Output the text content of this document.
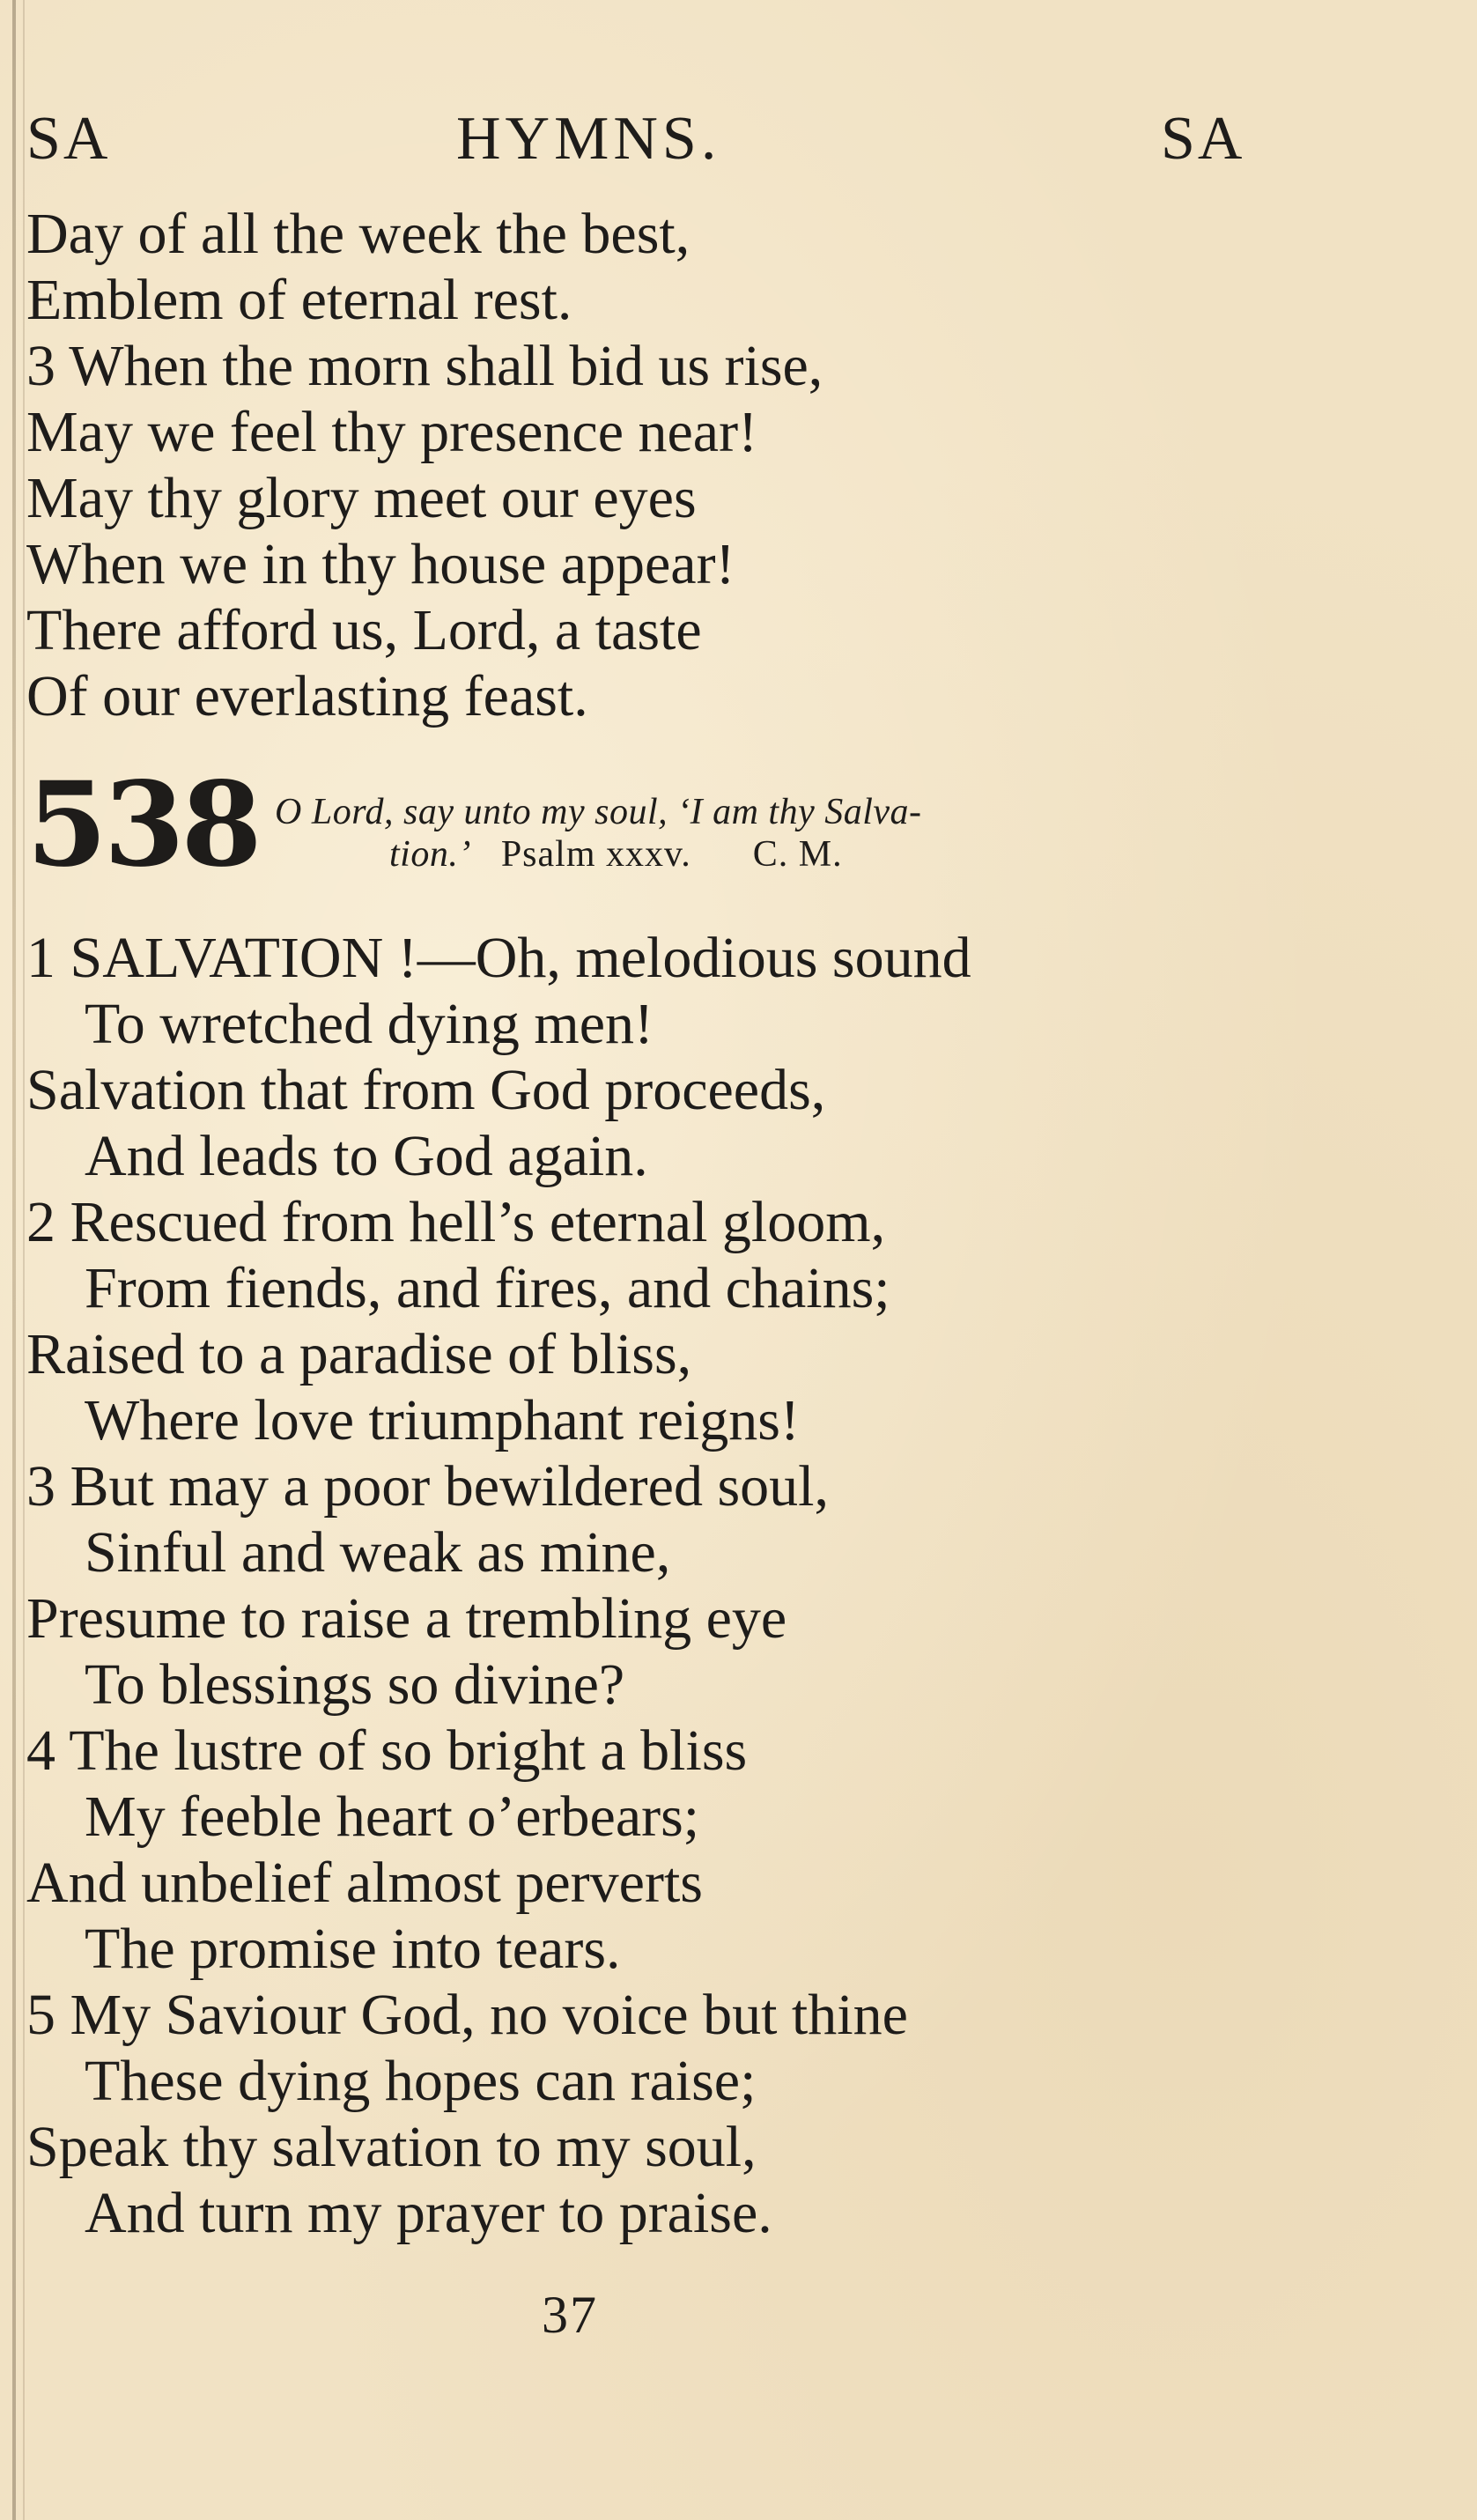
SA	HYMNS.	SA
Day of all the week the best,
Emblem of eternal rest.
3 When the morn shall bid us rise,
May we feel thy presence near!
May thy glory meet our eyes
When we in thy house appear!
There afford us, Lord, a taste
Of our everlasting feast.
538 O Lord, say unto my soul, ‘I am thy Salva-
tion.’ Psalm xxxv. C. M.
1 SALVATION !—Oh, melodious sound
To wretched dying men!
Salvation that from God proceeds,
And leads to God again.
2 Rescued from hell’s eternal gloom,
From fiends, and fires, and chains;
Raised to a paradise of bliss,
Where love triumphant reigns!
3 But may a poor bewildered soul,
Sinful and weak as mine,
Presume to raise a trembling eye
To blessings so divine?
4 The lustre of so bright a bliss
My feeble heart o’erbears;
And unbelief almost perverts
The promise into tears.
5 My Saviour God, no voice but thine
These dying hopes can raise;
Speak thy salvation to my soul,
And turn my prayer to praise.
37
